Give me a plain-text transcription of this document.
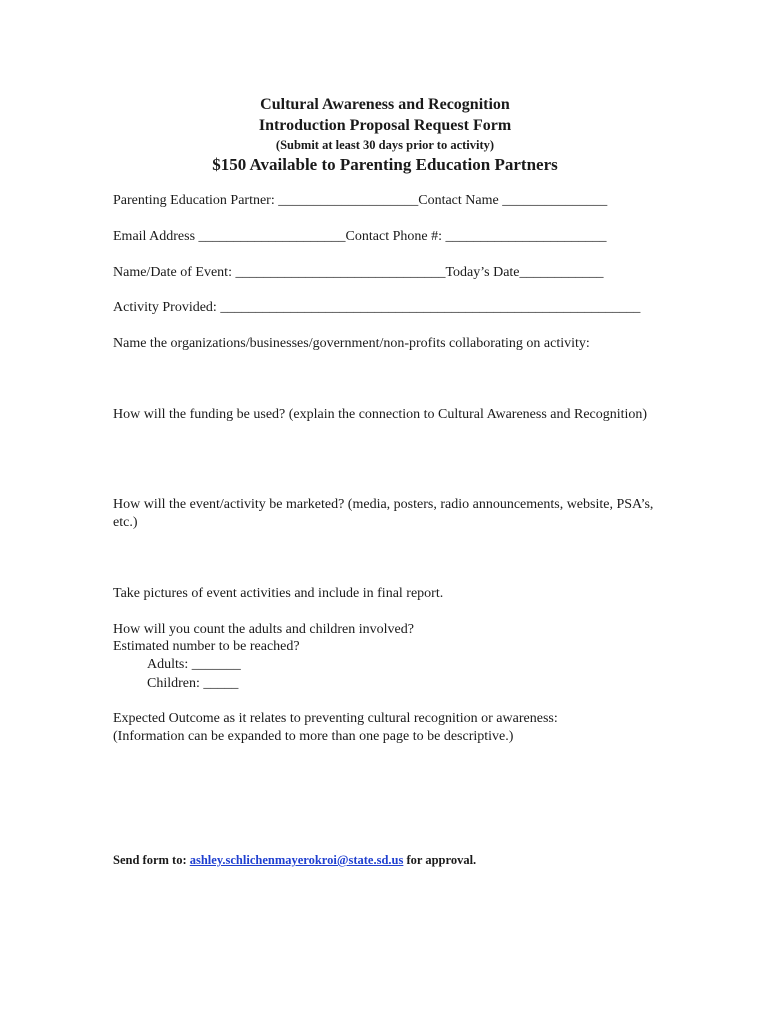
Cultural Awareness and Recognition
Introduction Proposal Request Form
(Submit at least 30 days prior to activity)
$150 Available to Parenting Education Partners
Parenting Education Partner: ____________________Contact Name _______________
Email Address _____________________Contact Phone #: _______________________
Name/Date of Event: ______________________________Today’s Date____________
Activity Provided: ____________________________________________________________
Name the organizations/businesses/government/non-profits collaborating on activity:
How will the funding be used? (explain the connection to Cultural Awareness and Recognition)
How will the event/activity be marketed? (media, posters, radio announcements, website, PSA’s, etc.)
Take pictures of event activities and include in final report.
How will you count the adults and children involved?
Estimated number to be reached?
Adults: _______
Children: _____
Expected Outcome as it relates to preventing cultural recognition or awareness:
(Information can be expanded to more than one page to be descriptive.)
Send form to: ashley.schlichenmayerokroi@state.sd.us for approval.
